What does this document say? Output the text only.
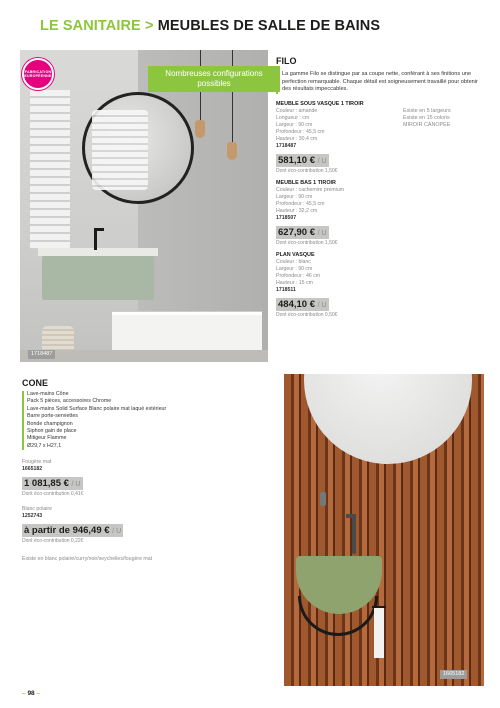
LE SANITAIRE > MEUBLES DE SALLE DE BAINS
FABRICATION EUROPÉENNE	Nombreuses configurations possibles
1718487
FILO
La gamme Filo se distingue par sa coupe nette, conférant à ses finitions une perfection remarquable. Chaque détail est soigneusement travaillé pour obtenir des résultats impeccables.
Existe en 5 largeurs
Existe en 15 coloris
MIROIR CANOPEE
MEUBLE SOUS VASQUE 1 TIROIR
Couleur : amande
Longueur : cm
Largeur : 90 cm
Profondeur : 45,5 cm
Hauteur : 30,4 cm
1718487
581,10 € / U
Dont éco-contribution 1,50€
MEUBLE BAS 1 TIROIR
Couleur : cachemire premium
Largeur : 90 cm
Profondeur : 45,5 cm
Hauteur : 32,2 cm
1718507
627,90 € / U
Dont éco-contribution 1,50€
PLAN VASQUE
Couleur : blanc
Largeur : 90 cm
Profondeur : 46 cm
Hauteur : 15 cm
1718511
484,10 € / U
Dont éco-contribution 0,50€
CONE
Lave-mains Cône
Pack 5 pièces, accessoires Chrome
Lave-mains Solid Surface Blanc polaire mat laqué extérieur
Barre porte-serviettes
Bonde champignon
Siphon gain de place
Mitigeur Flamme
Ø29,7 x H27,1
Fougère mat
1665182
1 081,85 € / U
Dont éco-contribution 0,41€
Blanc polaire
1252743
à partir de 946,49 € / U
Dont éco-contribution 0,22€
Existe en blanc polaire/curry/noir/seychelles/fougère mat
1665182
– 98 –
